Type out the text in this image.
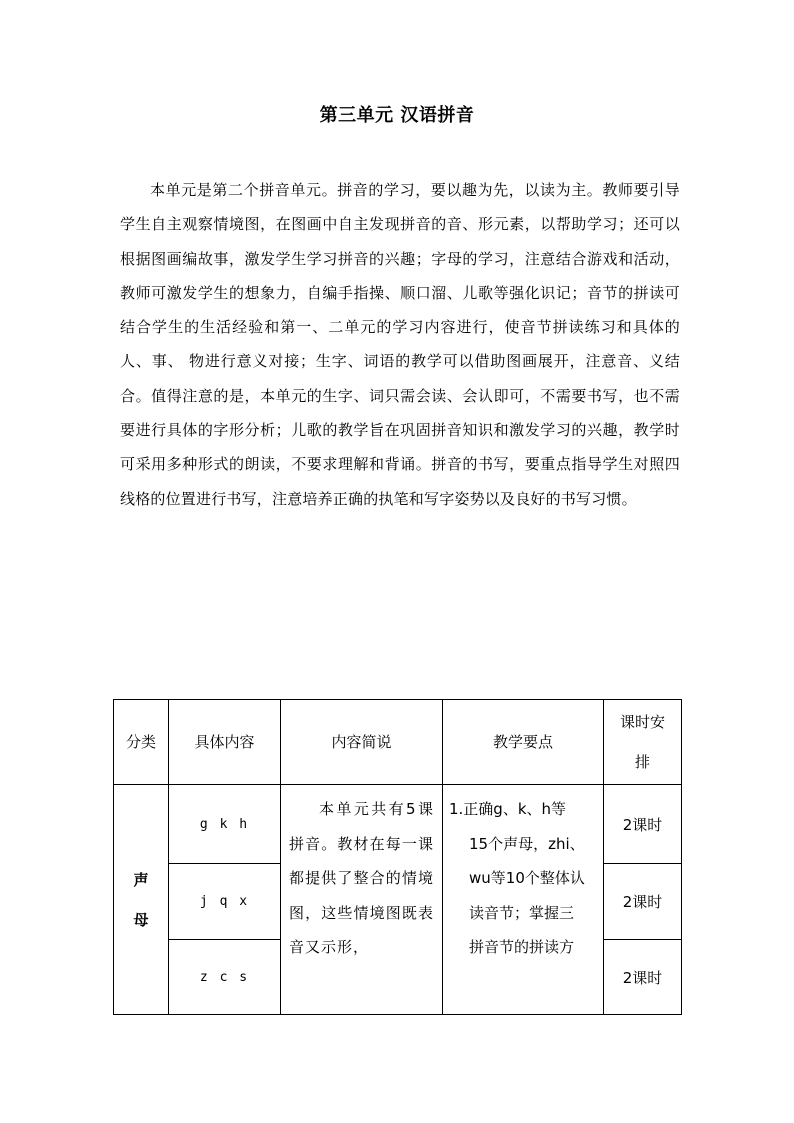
第三单元 汉语拼音

本单元是第二个拼音单元。拼音的学习，要以趣为先，以读为主。教师要引导学生自主观察情境图，在图画中自主发现拼音的音、形元素，以帮助学习；还可以根据图画编故事，激发学生学习拼音的兴趣；字母的学习，注意结合游戏和活动，教师可激发学生的想象力，自编手指操、顺口溜、儿歌等强化识记；音节的拼读可结合学生的生活经验和第一、二单元的学习内容进行，使音节拼读练习和具体的人、事、 物进行意义对接；生字、词语的教学可以借助图画展开，注意音、义结合。值得注意的是，本单元的生字、词只需会读、会认即可，不需要书写，也不需要进行具体的字形分析；儿歌的教学旨在巩固拼音知识和激发学习的兴趣，教学时可采用多种形式的朗读，不要求理解和背诵。拼音的书写，要重点指导学生对照四线格的位置进行书写，注意培养正确的执笔和写字姿势以及良好的书写习惯。

分类	具体内容	内容简说	教学要点	课时安
排

声
母	g k h	本单元共有5课拼音。教材在每一课都提供了整合的情境图，这些情境图既表音又示形，	1.正确g、k、h等
15个声母，zhi、
wu等10个整体认
读音节；掌握三
拼音节的拼读方	2课时
	j q x			2课时
	z c s			2课时
